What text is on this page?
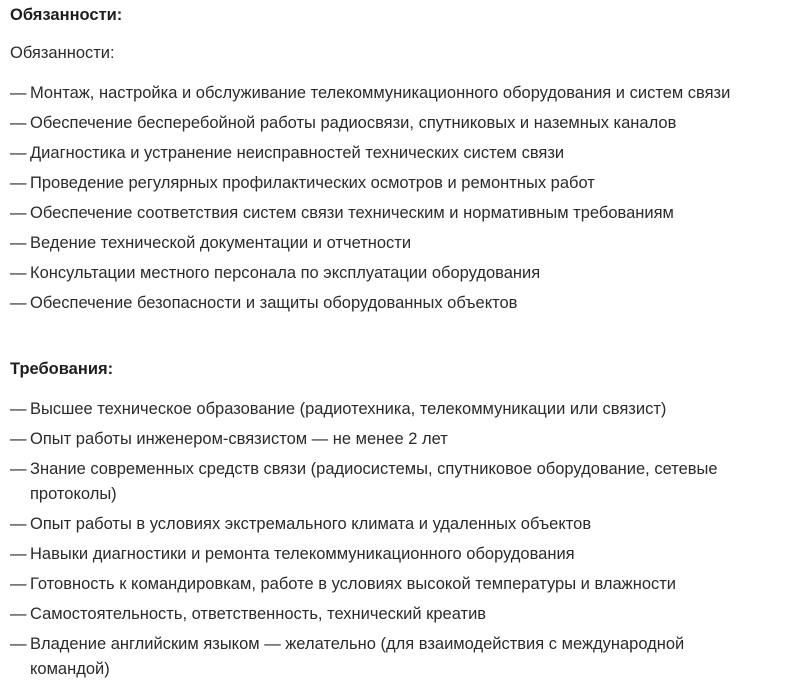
Обязанности:

Обязанности:

— Монтаж, настройка и обслуживание телекоммуникационного оборудования и систем связи
— Обеспечение бесперебойной работы радиосвязи, спутниковых и наземных каналов
— Диагностика и устранение неисправностей технических систем связи
— Проведение регулярных профилактических осмотров и ремонтных работ
— Обеспечение соответствия систем связи техническим и нормативным требованиям
— Ведение технической документации и отчетности
— Консультации местного персонала по эксплуатации оборудования
— Обеспечение безопасности и защиты оборудованных объектов

Требования:

— Высшее техническое образование (радиотехника, телекоммуникации или связист)
— Опыт работы инженером-связистом — не менее 2 лет
— Знание современных средств связи (радиосистемы, спутниковое оборудование, сетевые протоколы)
— Опыт работы в условиях экстремального климата и удаленных объектов
— Навыки диагностики и ремонта телекоммуникационного оборудования
— Готовность к командировкам, работе в условиях высокой температуры и влажности
— Самостоятельность, ответственность, технический креатив
— Владение английским языком — желательно (для взаимодействия с международной командой)
